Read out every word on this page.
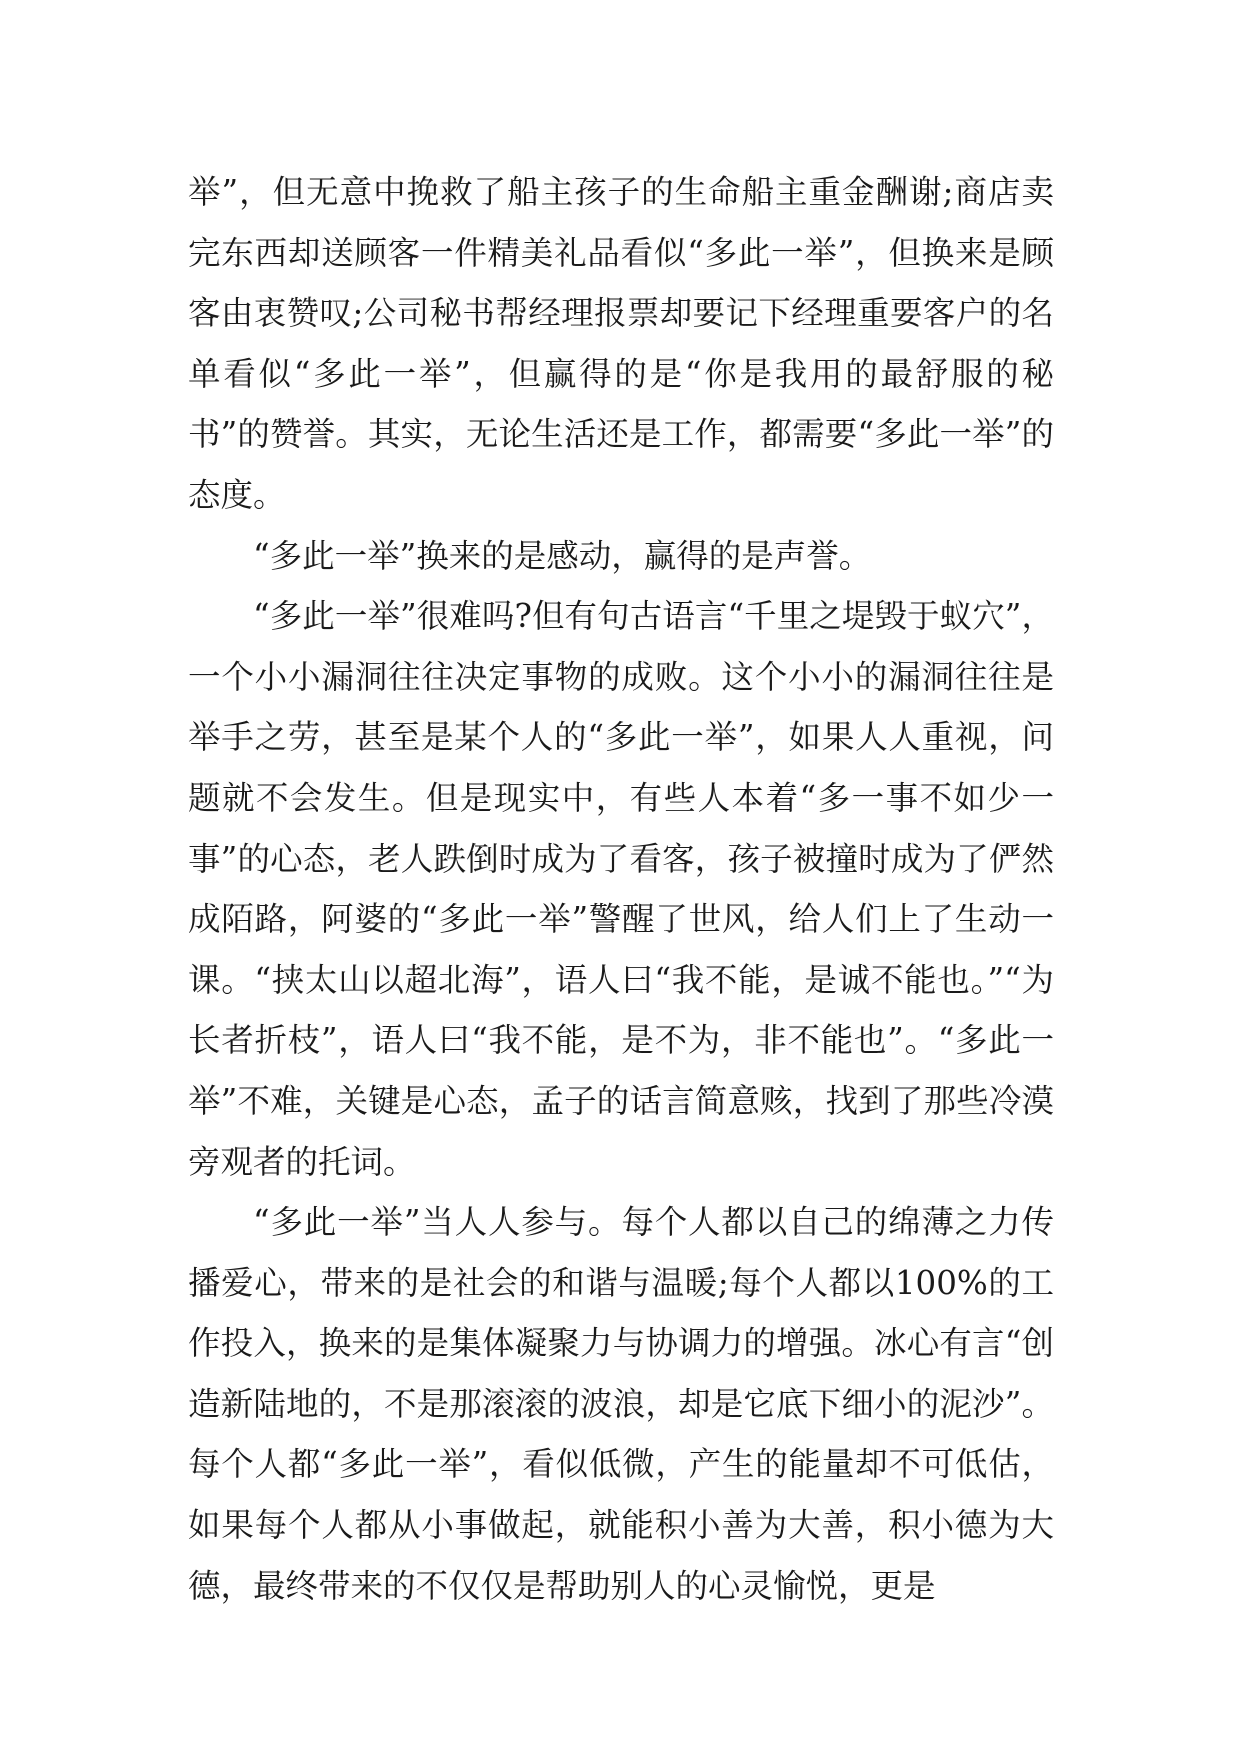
举”，但无意中挽救了船主孩子的生命船主重金酬谢;商店卖完东西却送顾客一件精美礼品看似“多此一举”，但换来是顾客由衷赞叹;公司秘书帮经理报票却要记下经理重要客户的名单看似“多此一举”，但赢得的是“你是我用的最舒服的秘书”的赞誉。其实，无论生活还是工作，都需要“多此一举”的态度。

“多此一举”换来的是感动，赢得的是声誉。

“多此一举”很难吗?但有句古语言“千里之堤毁于蚁穴”，一个小小漏洞往往决定事物的成败。这个小小的漏洞往往是举手之劳，甚至是某个人的“多此一举”，如果人人重视，问题就不会发生。但是现实中，有些人本着“多一事不如少一事”的心态，老人跌倒时成为了看客，孩子被撞时成为了俨然成陌路，阿婆的“多此一举”警醒了世风，给人们上了生动一课。“挟太山以超北海”，语人曰“我不能，是诚不能也。”“为长者折枝”，语人曰“我不能，是不为，非不能也”。“多此一举”不难，关键是心态，孟子的话言简意赅，找到了那些冷漠旁观者的托词。

“多此一举”当人人参与。每个人都以自己的绵薄之力传播爱心，带来的是社会的和谐与温暖;每个人都以100%的工作投入，换来的是集体凝聚力与协调力的增强。冰心有言“创造新陆地的，不是那滚滚的波浪，却是它底下细小的泥沙”。每个人都“多此一举”，看似低微，产生的能量却不可低估，如果每个人都从小事做起，就能积小善为大善，积小德为大德，最终带来的不仅仅是帮助别人的心灵愉悦，更是
